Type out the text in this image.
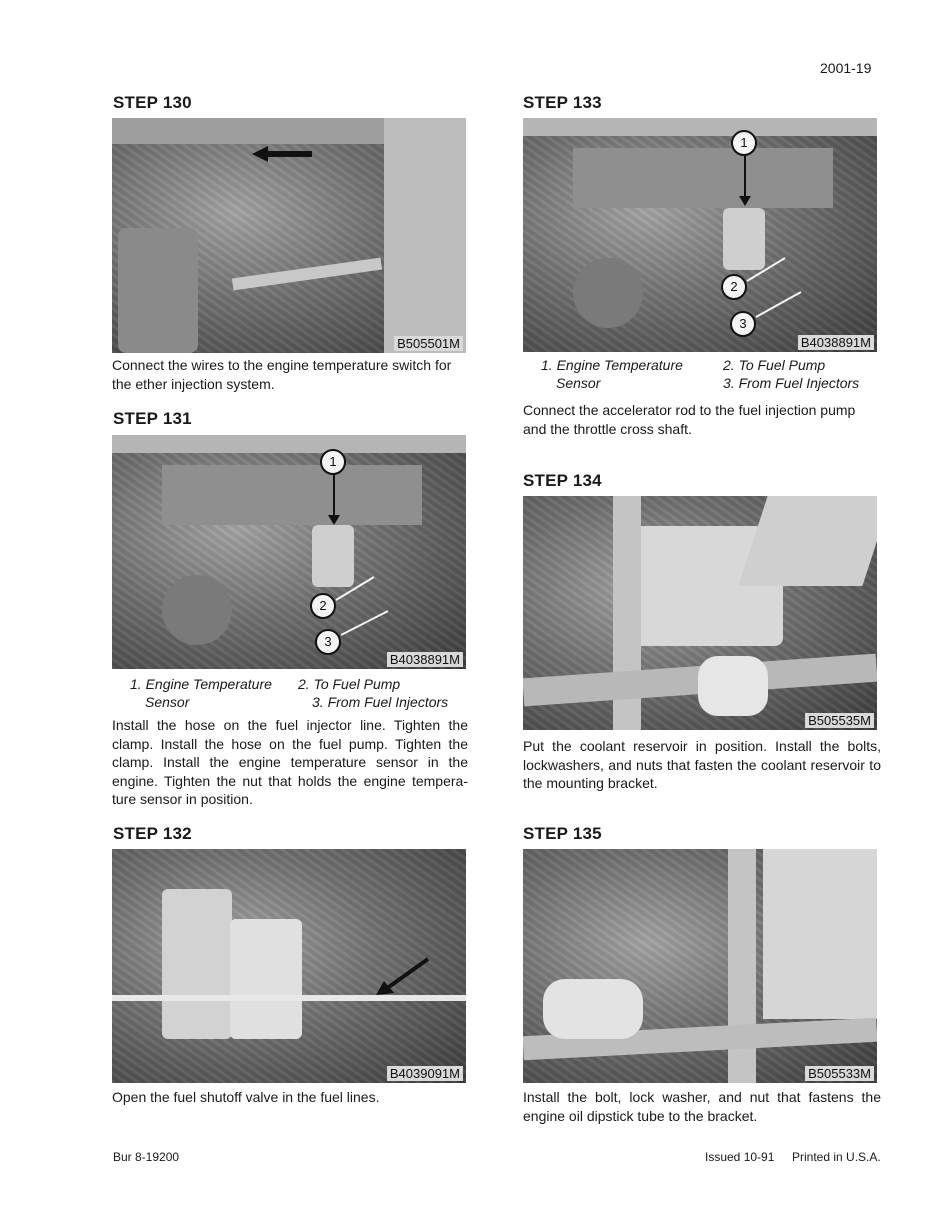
2001-19
STEP 130
B505501M
Connect the wires to the engine temperature switch for the ether injection system.
STEP 131
1
2
3
B4038891M
1. Engine Temperature
Sensor
2. To Fuel Pump
3. From Fuel Injectors
Install the hose on the fuel injector line. Tighten the clamp. Install the hose on the fuel pump. Tighten the clamp. Install the engine temperature sensor in the engine. Tighten the nut that holds the engine tempera- ture sensor in position.
STEP 132
B4039091M
Open the fuel shutoff valve in the fuel lines.
STEP 133
1
2
3
B4038891M
1. Engine Temperature
Sensor
2. To Fuel Pump
3. From Fuel Injectors
Connect the accelerator rod to the fuel injection pump and the throttle cross shaft.
STEP 134
B505535M
Put the coolant reservoir in position. Install the bolts, lockwashers, and nuts that fasten the coolant reservoir to the mounting bracket.
STEP 135
B505533M
Install the bolt, lock washer, and nut that fastens the engine oil dipstick tube to the bracket.
Bur 8-19200	Issued 10-91 Printed in U.S.A.
